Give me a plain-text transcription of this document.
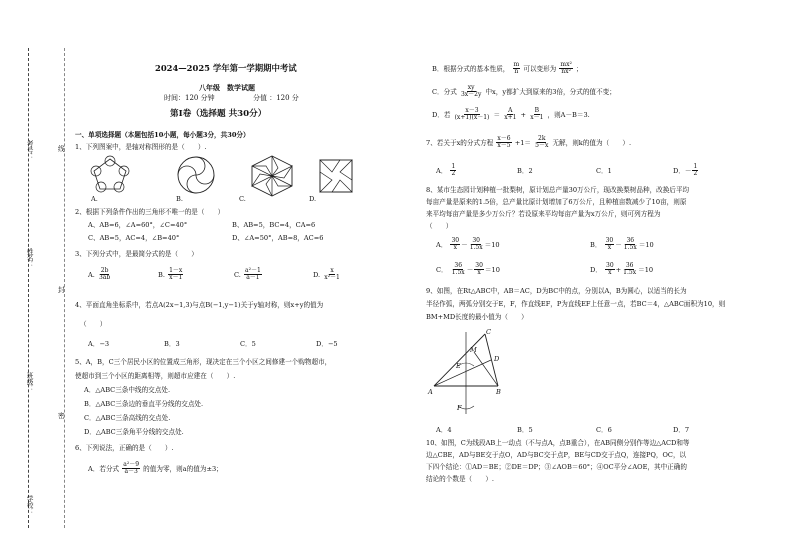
考号：	线
姓名：
封
班级：
密
学校：
2024—2025 学年第一学期期中考试
八年级　数学试题
时间：120 分钟	分值 ：120 分
第Ⅰ卷（选择题 共30分）
一、单项选择题（本题包括10小题，每小题3分，共30分）
1、下列图案中，是轴对称图形的是（　　）.
A.	B.	C.	D.
2、根据下列条件作出的三角形不唯一的是（　　）
A、AB=6，∠A=60°，∠C=40°	B、AB=5，BC=4，CA=6
C、AB=5，AC=4，∠B=40°	D、∠A=50°，AB=8，AC=6
3、下列分式中，是最简分式的是（　　）
A. $\frac{2b}{3ab}$	B. $\frac{1-x}{x-1}$	C. $\frac{\text{a²－1}}{a-1}$	D. $\frac{x}{\text{x²－1}}$
4、平面直角坐标系中，若点A(2x−1,3)与点B(−1,y−1)关于y轴对称，则x+y的值为
（　　）
A．−3	B．3	C．5	D．−5
5、A，B，C三个居民小区的位置成三角形，现决定在三个小区之间修建一个购物超市，
使超市到三个小区的距离相等，则超市应建在（　　）.
A．△ABC三条中线的交点处.
B．△ABC三条边的垂直平分线的交点处.
C．△ABC三条高线的交点处.
D．△ABC三条角平分线的交点处.
6、下列说法，正确的是（　　）.
A．若分式 $\frac{\text{a²－9}}{a-3}$ 的值为零，则a的值为±3；
B．根据分式的基本性质， $\frac{m}{n}$ 可以变形为 $\frac{\text{mx²}}{\text{nx²}}$ ；
C．分式 $\frac{xy}{3x-2y}$ 中x，y都扩大到原来的3倍，分式的值不变；
D．若 $\frac{x-3}{(x+1)(x-1)} = \frac{A}{x+1} + \frac{B}{x-1}$ ，则A－B＝3.
7、若关于x的分式方程 $\frac{x-6}{x-5} +1= \frac{2k}{5-x}$ 无解，则k的值为（　　）.
A． $\frac{1}{2}$	B．2	C．1	D．－ $\frac{1}{2}$
8、某市生态园计划种植一批梨树，原计划总产量30万公斤，现改换梨树品种，改换后平均
每亩产量是原来的1.5倍，总产量比原计划增加了6万公斤，且种植亩数减少了10亩，则原
来平均每亩产量是多少万公斤？若设原来平均每亩产量为x万公斤，则可列方程为
（　　）
A． $\frac{30}{x} - \frac{30}{1.5x} =10$	B． $\frac{30}{x} - \frac{36}{1.5x} =10$
C． $\frac{36}{1.5x} - \frac{30}{x} =10$	D． $\frac{30}{x} + \frac{36}{1.5x} =10$
9、如图，在Rt△ABC中，AB＝AC，D为BC中的点，分别以A，B为圆心，以适当的长为
半径作弧，两弧分别交于E，F，作直线EF，P为直线EF上任意一点，若BC＝4，△ABC面积为10，则
BM+MD长度的最小值为（　　）
C
M
D
E
A	B
F
A．4	B．5	C．6	D．7
10、如图，C为线段AB上一动点（不与点A，点B重合），在AB同侧分别作等边△ACD和等
边△CBE，AD与BE交于点O，AD与BC交于点P，BE与CD交于点Q，连接PQ，OC，以
下四个结论：①AD＝BE；②DE＝DP；③∠AOB＝60°；④OC平分∠AOE，其中正确的
结论的个数是（　　）.
